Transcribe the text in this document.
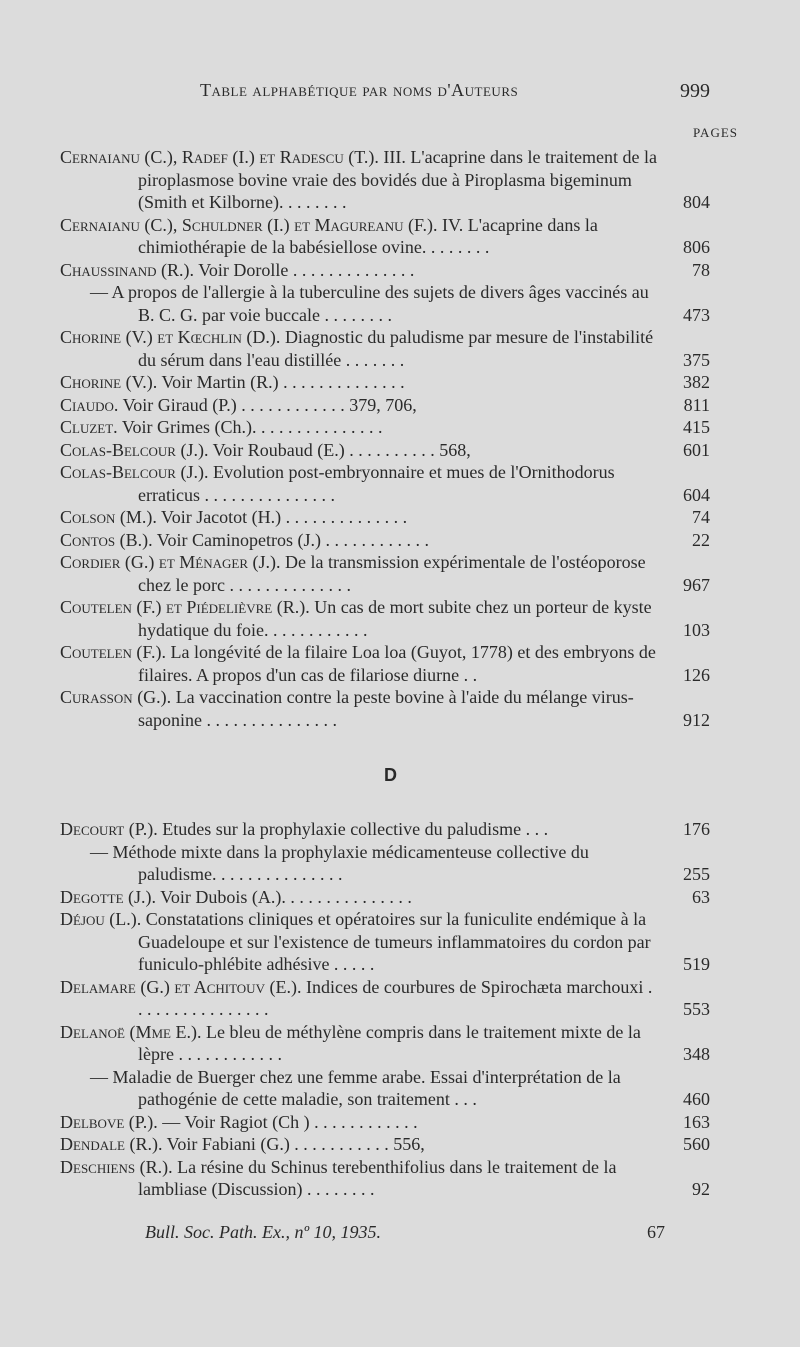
Table alphabétique par noms d'Auteurs	999
PAGES
Cernaianu (C.), Radef (I.) et Radescu (T.). III. L'acaprine dans le traitement de la piroplasmose bovine vraie des bovidés due à Piroplasma bigeminum (Smith et Kilborne). . . . . . . .	804
Cernaianu (C.), Schuldner (I.) et Magureanu (F.). IV. L'acaprine dans la chimiothérapie de la babésiellose ovine. . . . . . . .	806
Chaussinand (R.). Voir Dorolle . . . . . . . . . . . . . .	78
— A propos de l'allergie à la tuberculine des sujets de divers âges vaccinés au B. C. G. par voie buccale . . . . . . . .	473
Chorine (V.) et Kœchlin (D.). Diagnostic du paludisme par mesure de l'instabilité du sérum dans l'eau distillée . . . . . . .	375
Chorine (V.). Voir Martin (R.) . . . . . . . . . . . . . .	382
Ciaudo. Voir Giraud (P.) . . . . . . . . . . . . 379, 706,	811
Cluzet. Voir Grimes (Ch.). . . . . . . . . . . . . . .	415
Colas-Belcour (J.). Voir Roubaud (E.) . . . . . . . . . . 568,	601
Colas-Belcour (J.). Evolution post-embryonnaire et mues de l'Ornithodorus erraticus . . . . . . . . . . . . . . .	604
Colson (M.). Voir Jacotot (H.) . . . . . . . . . . . . . .	74
Contos (B.). Voir Caminopetros (J.) . . . . . . . . . . . .	22
Cordier (G.) et Ménager (J.). De la transmission expérimentale de l'ostéoporose chez le porc . . . . . . . . . . . . . .	967
Coutelen (F.) et Piédelièvre (R.). Un cas de mort subite chez un porteur de kyste hydatique du foie. . . . . . . . . . . .	103
Coutelen (F.). La longévité de la filaire Loa loa (Guyot, 1778) et des embryons de filaires. A propos d'un cas de filariose diurne . .	126
Curasson (G.). La vaccination contre la peste bovine à l'aide du mélange virus-saponine . . . . . . . . . . . . . . .	912
D
Decourt (P.). Etudes sur la prophylaxie collective du paludisme . . .	176
— Méthode mixte dans la prophylaxie médicamenteuse collective du paludisme. . . . . . . . . . . . . . .	255
Degotte (J.). Voir Dubois (A.). . . . . . . . . . . . . . .	63
Déjou (L.). Constatations cliniques et opératoires sur la funiculite endémique à la Guadeloupe et sur l'existence de tumeurs inflammatoires du cordon par funiculo-phlébite adhésive . . . . .	519
Delamare (G.) et Achitouv (E.). Indices de courbures de Spirochæta marchouxi . . . . . . . . . . . . . . . .	553
Delanoë (Mme E.). Le bleu de méthylène compris dans le traitement mixte de la lèpre . . . . . . . . . . . .	348
— Maladie de Buerger chez une femme arabe. Essai d'interprétation de la pathogénie de cette maladie, son traitement . . .	460
Delbove (P.). — Voir Ragiot (Ch ) . . . . . . . . . . . .	163
Dendale (R.). Voir Fabiani (G.) . . . . . . . . . . . 556,	560
Deschiens (R.). La résine du Schinus terebenthifolius dans le traitement de la lambliase (Discussion) . . . . . . . .	92
Bull. Soc. Path. Ex., nº 10, 1935.	67
